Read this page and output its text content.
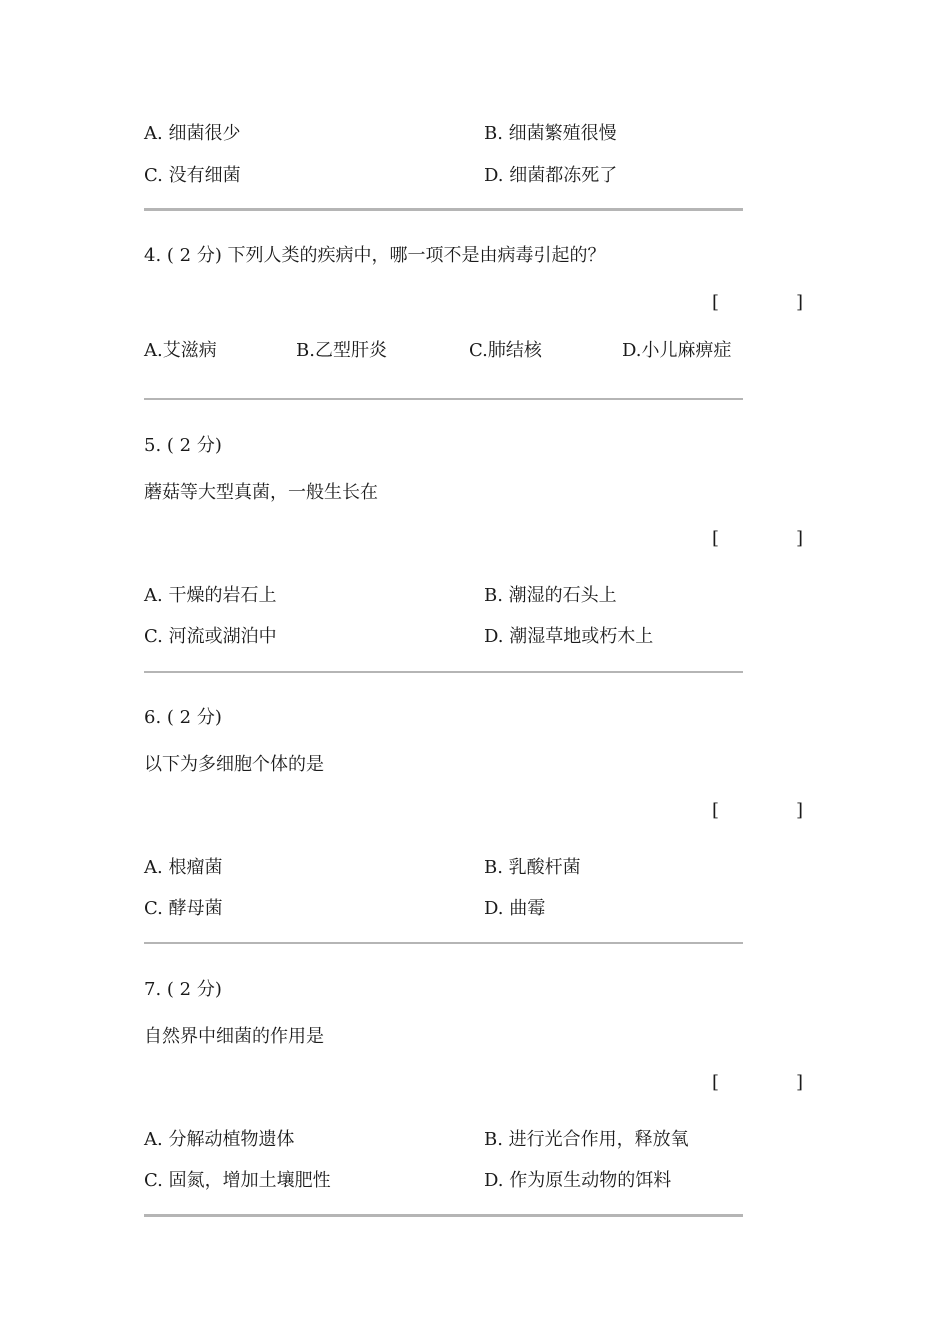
A. 细菌很少	B. 细菌繁殖很慢
C. 没有细菌	D. 细菌都冻死了
4. ( 2 分) 下列人类的疾病中，哪一项不是由病毒引起的？
[	]
A.艾滋病	B.乙型肝炎	C.肺结核	D.小儿麻痹症
5. ( 2 分)
蘑菇等大型真菌，一般生长在
[	]
A. 干燥的岩石上	B. 潮湿的石头上
C. 河流或湖泊中	D. 潮湿草地或朽木上
6. ( 2 分)
以下为多细胞个体的是
[	]
A. 根瘤菌	B. 乳酸杆菌
C. 酵母菌	D. 曲霉
7. ( 2 分)
自然界中细菌的作用是
[	]
A. 分解动植物遗体	B. 进行光合作用，释放氧
C. 固氮，增加土壤肥性	D. 作为原生动物的饵料
